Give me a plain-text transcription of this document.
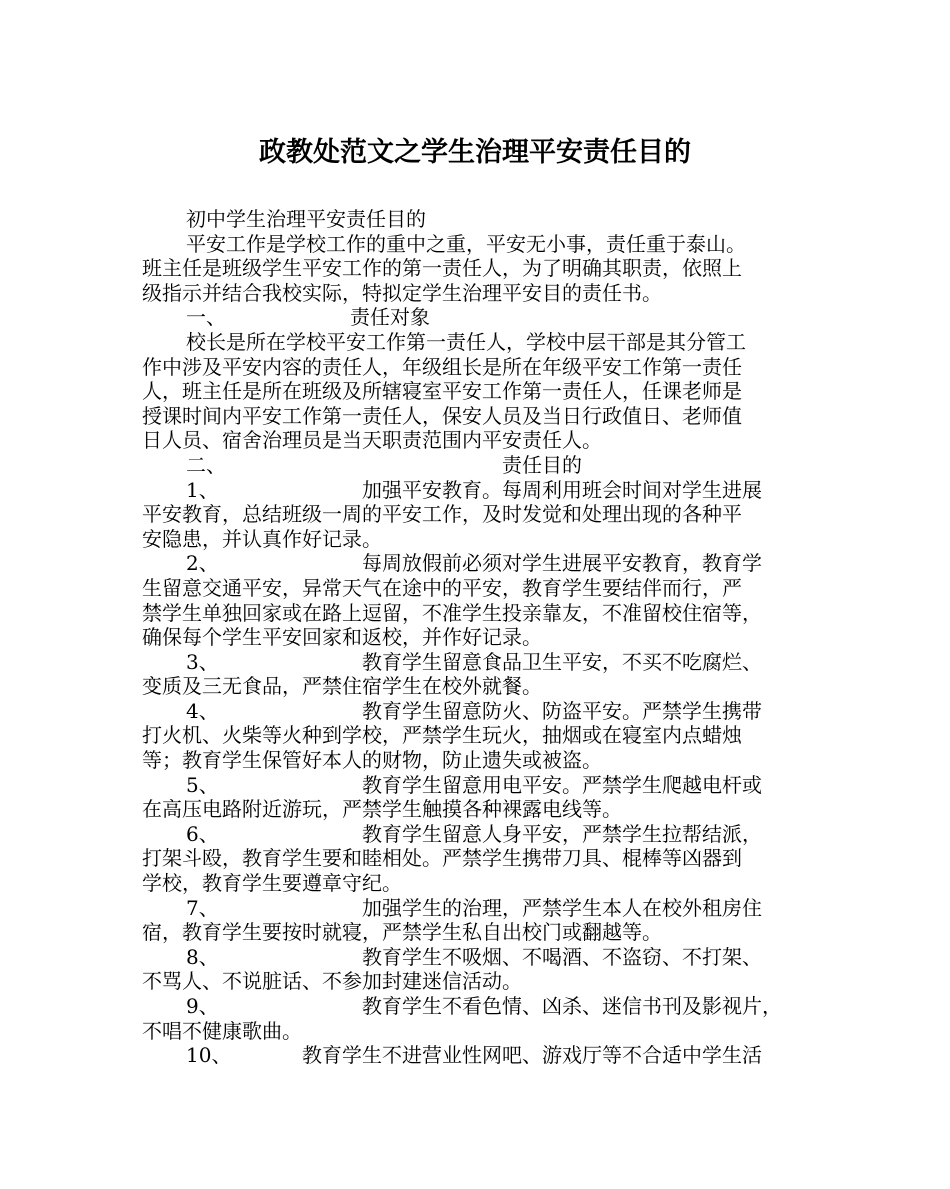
政教处范文之学生治理平安责任目的
初中学生治理平安责任目的
平安工作是学校工作的重中之重，平安无小事，责任重于泰山。
班主任是班级学生平安工作的第一责任人，为了明确其职责，依照上
级指示并结合我校实际，特拟定学生治理平安目的责任书。
一、	责任对象
校长是所在学校平安工作第一责任人，学校中层干部是其分管工
作中涉及平安内容的责任人，年级组长是所在年级平安工作第一责任
人，班主任是所在班级及所辖寝室平安工作第一责任人，任课老师是
授课时间内平安工作第一责任人，保安人员及当日行政值日、老师值
日人员、宿舍治理员是当天职责范围内平安责任人。
二、	责任目的
1、	加强平安教育。每周利用班会时间对学生进展
平安教育，总结班级一周的平安工作，及时发觉和处理出现的各种平
安隐患，并认真作好记录。
2、	每周放假前必须对学生进展平安教育，教育学
生留意交通平安，异常天气在途中的平安，教育学生要结伴而行，严
禁学生单独回家或在路上逗留，不准学生投亲靠友，不准留校住宿等，
确保每个学生平安回家和返校，并作好记录。
3、	教育学生留意食品卫生平安，不买不吃腐烂、
变质及三无食品，严禁住宿学生在校外就餐。
4、	教育学生留意防火、防盗平安。严禁学生携带
打火机、火柴等火种到学校，严禁学生玩火，抽烟或在寝室内点蜡烛
等；教育学生保管好本人的财物，防止遗失或被盗。
5、	教育学生留意用电平安。严禁学生爬越电杆或
在高压电路附近游玩，严禁学生触摸各种裸露电线等。
6、	教育学生留意人身平安，严禁学生拉帮结派，
打架斗殴，教育学生要和睦相处。严禁学生携带刀具、棍棒等凶器到
学校，教育学生要遵章守纪。
7、	加强学生的治理，严禁学生本人在校外租房住
宿，教育学生要按时就寝，严禁学生私自出校门或翻越等。
8、	教育学生不吸烟、不喝酒、不盗窃、不打架、
不骂人、不说脏话、不参加封建迷信活动。
9、	教育学生不看色情、凶杀、迷信书刊及影视片，
不唱不健康歌曲。
10、	教育学生不进营业性网吧、游戏厅等不合适中学生活
